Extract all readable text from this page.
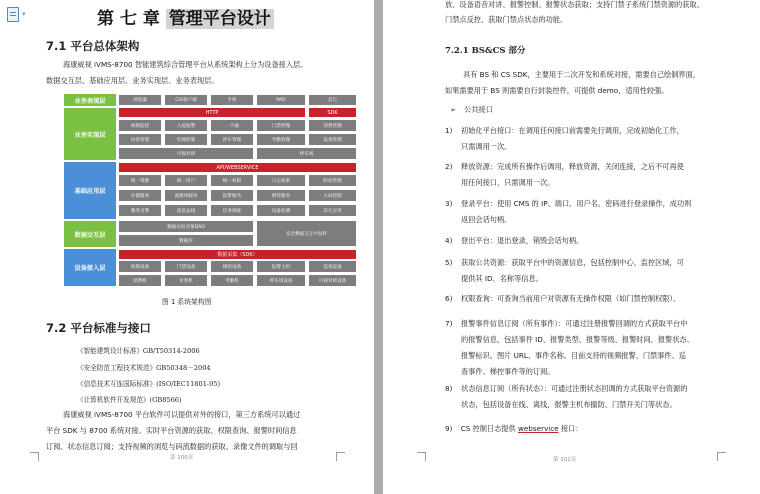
▾	第 七 章 管理平台设计
7.1 平台总体架构
海康威视 iVMS-8700 智能建筑综合管理平台从系统架构上分为设备接入层、
数据交互层、基础应用层、业务实现层、业务表现层。
业务表现层
业务实现层
基础应用层
数据交互层
设备接入层
浏览器	C/S客户端	手机	PAD	其它
HTTP	SDK
视频监控	入侵报警	一卡通	门禁管理	消费管理
访客管理	电梯控制	停车管理	考勤管理	巡查管理
可视对讲	停车场
API/WEBSERVICE
统一资源	统一用户	统一权限	日志检索	联动管理
存储服务	流媒体服务	报警服务	网管服务	大屏控制
服务引擎	消息总线	任务调度	设备检测	其它应用
数据访问对象DAO
数据库
安全数据交互中间件
数据采集（SDK）
视频设备	门禁设备	梯控设备	报警主机	巡查设备
消费机	访客机	考勤机	停车场设备	可视对讲设备
图 1 系统架构图
7.2 平台标准与接口
《智能建筑设计标准》GB/T50314-2006
《安全防范工程技术规范》GB50348－2004
《信息技术互连国际标准》(ISO/IEC11801-95)
《计算机软件开发规范》(GB8566)
海康威视 iVMS-8700 平台软件可以提供对外的接口，第三方系统可以通过
平台 SDK 与 8700 系统对接。实时平台资源的获取、权限查询、报警时间信息
订阅、状态信息订阅；支持视频的浏览与码流数据的获取、录像文件的调取与回
第 100页
放、设备语音对讲、报警控制、报警状态获取；支持门禁子系统门禁资源的获取、
门禁点反控、获取门禁点状态的功能。
7.2.1 BS&CS 部分
具有 BS 和 CS SDK，主要用于二次开发和系统对接，需要自己绘制界面，
如果需要用于 BS 则需要自行封装控件，可提供 demo，适用性较强。
➢ 公共接口
1) 初始化平台接口：在调用任何接口前需要先行调用，完成初始化工作，
只需调用一次。
2) 释放资源：完成所有操作后调用，释放资源，关闭连接，之后不可再使
用任何接口，只需调用一次。
3) 登录平台：使用 CMS 的 IP、端口、用户名、密码进行登录操作，成功则
返回会话句柄。
4) 登出平台：退出登录，销毁会话句柄。
5) 获取公共资源：获取平台中的资源信息，包括控制中心、监控区域，可
提供其 ID、名称等信息。
6) 权限查询：可查询当前用户对资源有无操作权限（如门禁控制权限）。
7) 报警事件信息订阅（所有事件）：可通过注册报警回调的方式获取平台中
的报警信息，包括事件 ID、报警类型、报警等级、报警时间、报警状态、
报警标识、图片 URL、事件名称。目前支持的视频报警、门禁事件、巡
查事件、梯控事件等的订阅。
8) 状态信息订阅（所有状态）：可通过注册状态回调的方式获取平台资源的
状态，包括设备在线、离线，报警主机布撤防、门禁开关门等状态。
9) CS 控制日志提供 webservice 接口：
第 101页
